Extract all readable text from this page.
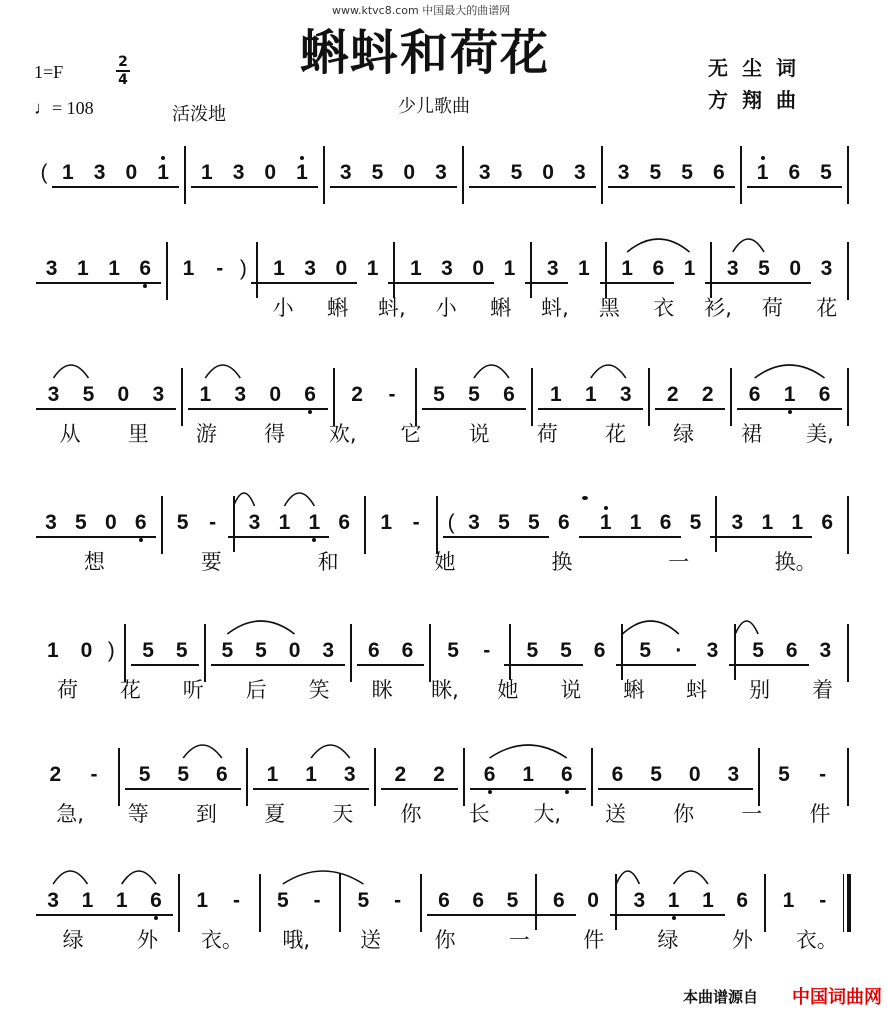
www.ktvc8.com 中国最大的曲谱网
蝌蚪和荷花
1=F	2
4
♩= 108	活泼地	少儿歌曲
无尘词
方翔曲
( 1 3 0 1	1 3 0 1	3 5 0 3	3 5 0 3	3 5 5 6	1 6 5
3 1 1 6	1	- )	1 3 0 1	1 3 0 1	3 1	1 6 1	3 5 0 3
小	蝌	蚪,	小	蝌	蚪,	黑	衣	衫,	荷	花
3	5	0	3	1	3	0	6	2	-	5	5	6	1	1	3	2	2	6	1	6
从	里	游	得	欢,	它	说	荷	花	绿	裙	美,
3 5 0 6	5 -	3 1 1 6	1 -	( 3 5 5 6	1 1 6 5	3 1 1 6
想	要	和	她	换	一	换。
1	0 )	5	5	5	5	0	3	6	6	5	-	5	5	6	5	·	3	5	6	3
荷	花	听	后	笑	眯	眯,	她	说	蝌	蚪	别	着
2	-	5	5	6	1	1	3	2	2	6	1	6	6	5	0	3	5	-
急,	等	到	夏	天	你	长	大,	送	你	一	件
3	1	1	6	1	-	5	-	5	-	6	6	5	6	0	3	1	1	6	1	-
绿	外	衣。	哦,	送	你	一	件	绿	外	衣。
本曲谱源自 中国词曲网
